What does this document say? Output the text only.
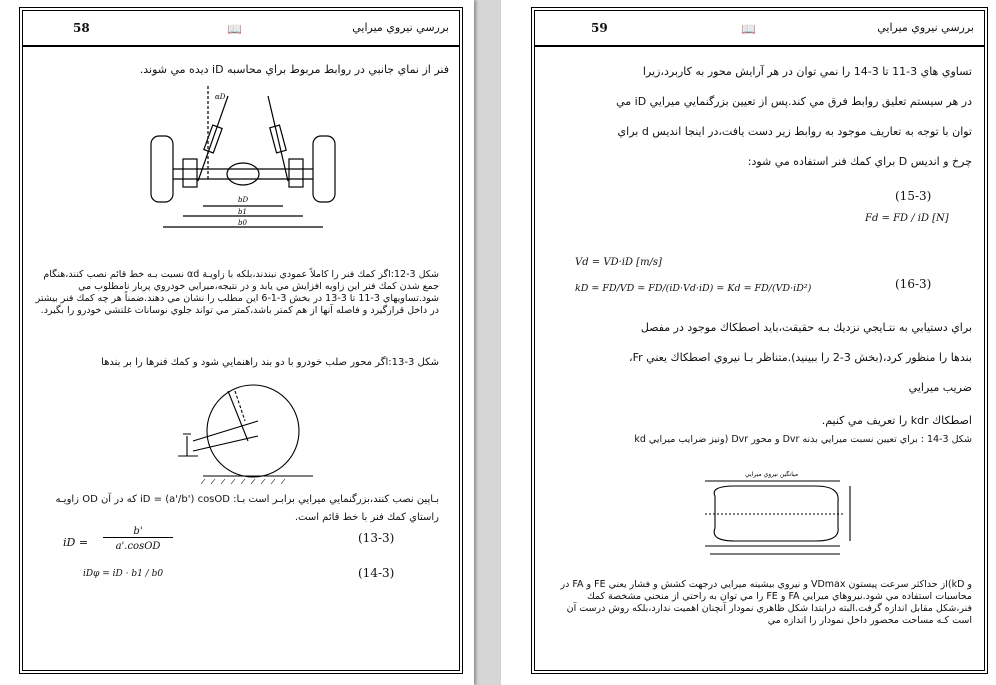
58	📖	بررسي نيروي ميرايي
فنر از نماي جانبي در روابط مربوط براي محاسبه iD ديده مي شوند.
bD
b1
b0
αD
شکل 3-12:اگر کمك فنر را کاملاً عمودي نبندند،بلکه با زاويـة αd نسبت بـه خط قائم نصب کنند،هنگام جمع شدن کمك فنر اين زاويه افزايش مي يابد و در نتيجه،ميرايي خودروي پربار نامطلوب مي شود.تساويهاي 3-11 تا 3-13 در بخش 3-1-6 اين مطلب را نشان مي دهند.ضمناً هر چه کمك فنر بيشتر در داخل قرارگيرد و فاصله آنها از هم کمتر باشد،کمتر مي تواند جلوي نوسانات غلتشي خودرو را بگيرد.
شکل 3-13:اگر محور صلب خودرو با دو بند راهنمايي شود و کمك فنرها را بر بندها
بـاپين نصب کنند،بزرگنمايي ميرايي برابـر است بـا: iD = (a'/b') cosOD که در آن OD زاويـه
راستاي کمك فنر با خط قائم است.
(13-3)
iD =
b'
a'.cosOD
(14-3)
iDφ = iD · b1 / b0
59	📖	بررسي نيروي ميرايي
تساوي هاي 3-11 تا 3-14 را نمي توان در هر آرايش محور به کاربرد،زيرا
در هر سيستم تعليق روابط فرق مي کند.پس از تعيين بزرگنمايي ميرايي iD مي
توان با توجه به تعاريف موجود به روابط زير دست يافت،در اينجا انديس d براي
چرخ و انديس D براي کمك فنر استفاده مي شود:
(15-3)
Fd = FD / iD [N]
Vd = VD·iD [m/s]
kD = FD/VD = FD/(iD·Vd·iD) = Kd = FD/(VD·iD²)	(16-3)
براي دستيابي به نتـايجي نزديك بـه حقيقت،بايد اصطکاك موجود در مفصل
بندها را منظور کرد،(بخش 3-2 را ببينيد).متناظر بـا نيروي اصطکاك يعني Fr،
ضريب ميرايي
اصطکاك kdr را تعريف مي کنيم.
شکل 3-14 : براي تعيين نسبت ميرايي بدنه Dvr و محور Dvr (ونيز ضرايب ميرايي kd
ميانگين نيروي ميرايي
و kD)از حداکثر سرعت پيستون VDmax و نيروي بيشينه ميرايي درجهت کشش و فشار يعني FE و FA در محاسبات استفاده مي شود.نيروهاي ميرايي FA و FE را مي توان به راحتي از منحني مشخصة کمك فنر،شکل مقابل اندازه گرفت.البته درابتدا شکل ظاهري نمودار آنچنان اهميت ندارد،بلکه روش درست آن است کـه مساحت محصور داخل نمودار را اندازه مي
